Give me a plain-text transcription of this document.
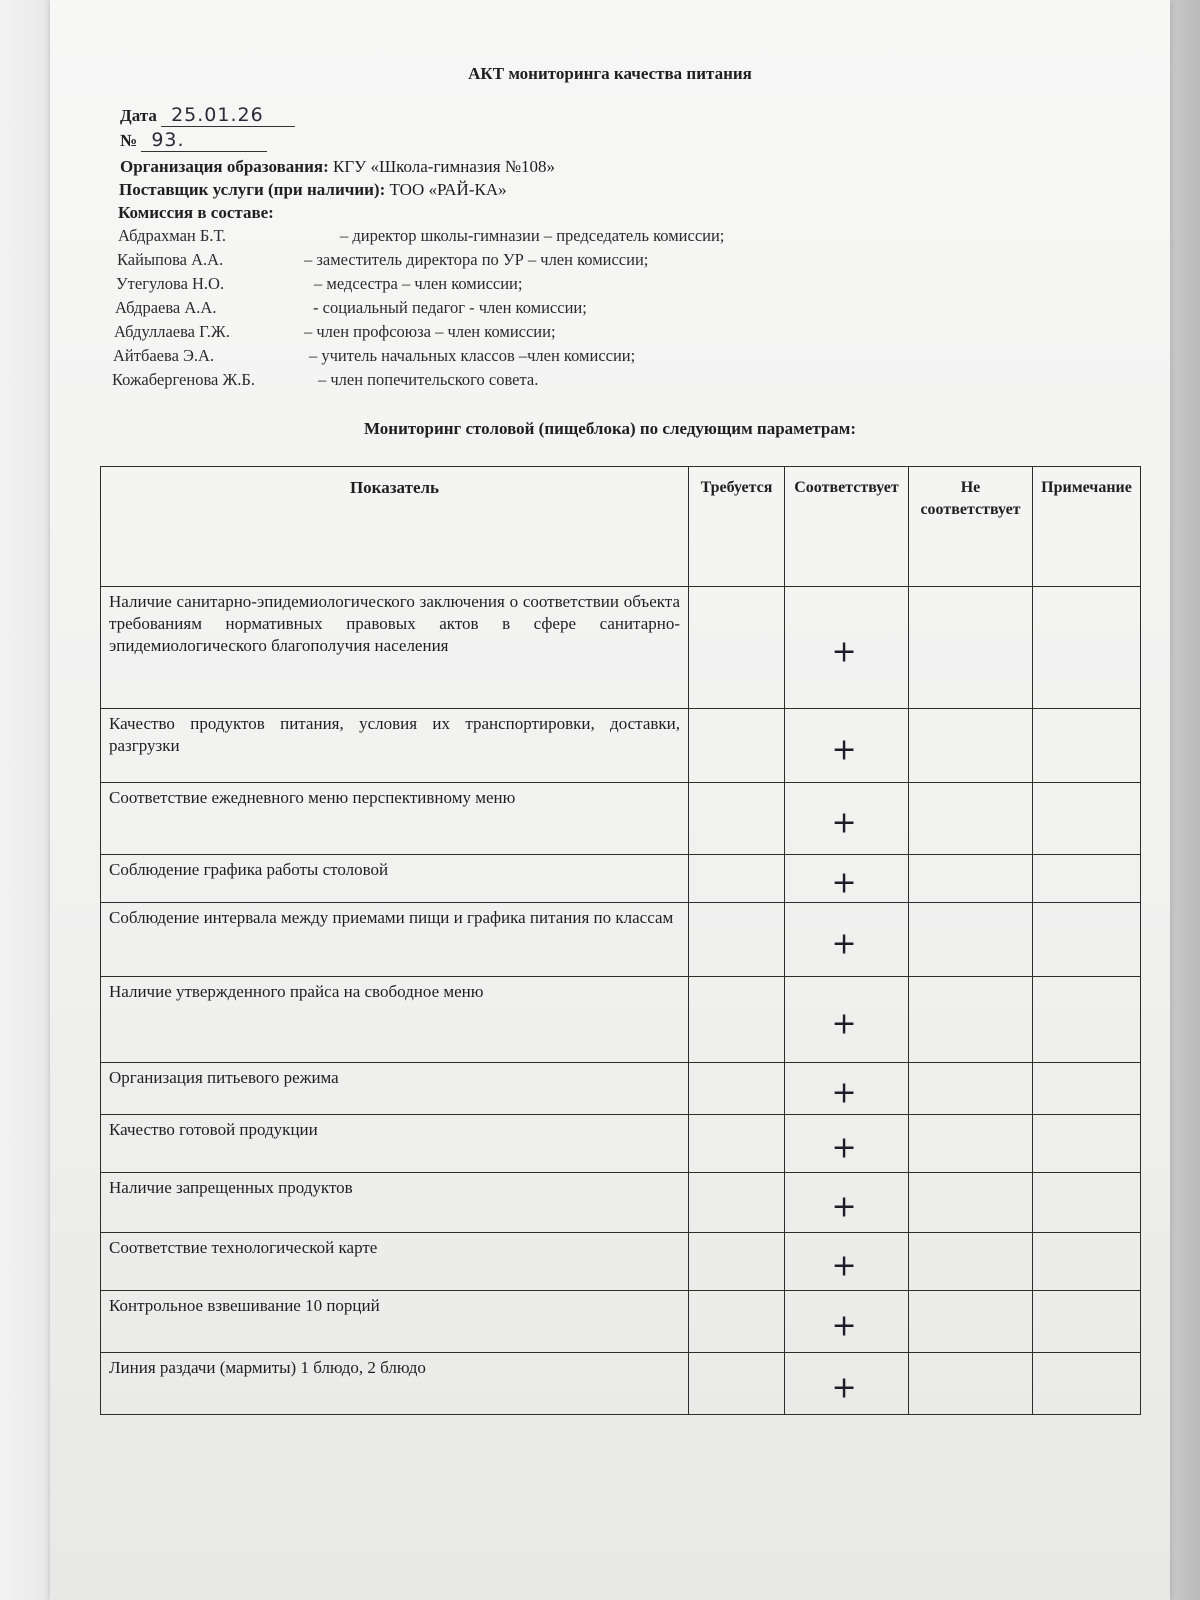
АКТ мониторинга качества питания
Дата 25.01.26
№ 93.
Организация образования: КГУ «Школа-гимназия №108»
Поставщик услуги (при наличии): ТОО «РАЙ-КА»
Комиссия в составе:
Абдрахман Б.Т.	– директор школы-гимназии – председатель комиссии;
Кайыпова А.А.	– заместитель директора по УР – член комиссии;
Утегулова Н.О.	– медсестра – член комиссии;
Абдраева А.А.	- социальный педагог - член комиссии;
Абдуллаева Г.Ж.	– член профсоюза – член комиссии;
Айтбаева Э.А.	– учитель начальных классов –член комиссии;
Кожабергенова Ж.Б.	– член попечительского совета.
Мониторинг столовой (пищеблока) по следующим параметрам:
Показатель	Требуется	Соответствует	Не соответствует	Примечание
Наличие санитарно-эпидемиологического заключения о соответствии объекта требованиям нормативных правовых актов в сфере санитарно-эпидемиологического благополучия населения		+		

Качество продуктов питания, условия их транспортировки, доставки, разгрузки		+		

Соответствие ежедневного меню перспективному меню		+		

Соблюдение графика работы столовой		+		

Соблюдение интервала между приемами пищи и графика питания по классам		+		

Наличие утвержденного прайса на свободное меню		+		

Организация питьевого режима		+		

Качество готовой продукции		+		

Наличие запрещенных продуктов		+		

Соответствие технологической карте		+		

Контрольное взвешивание 10 порций		+		

Линия раздачи (мармиты) 1 блюдо, 2 блюдо		+		
